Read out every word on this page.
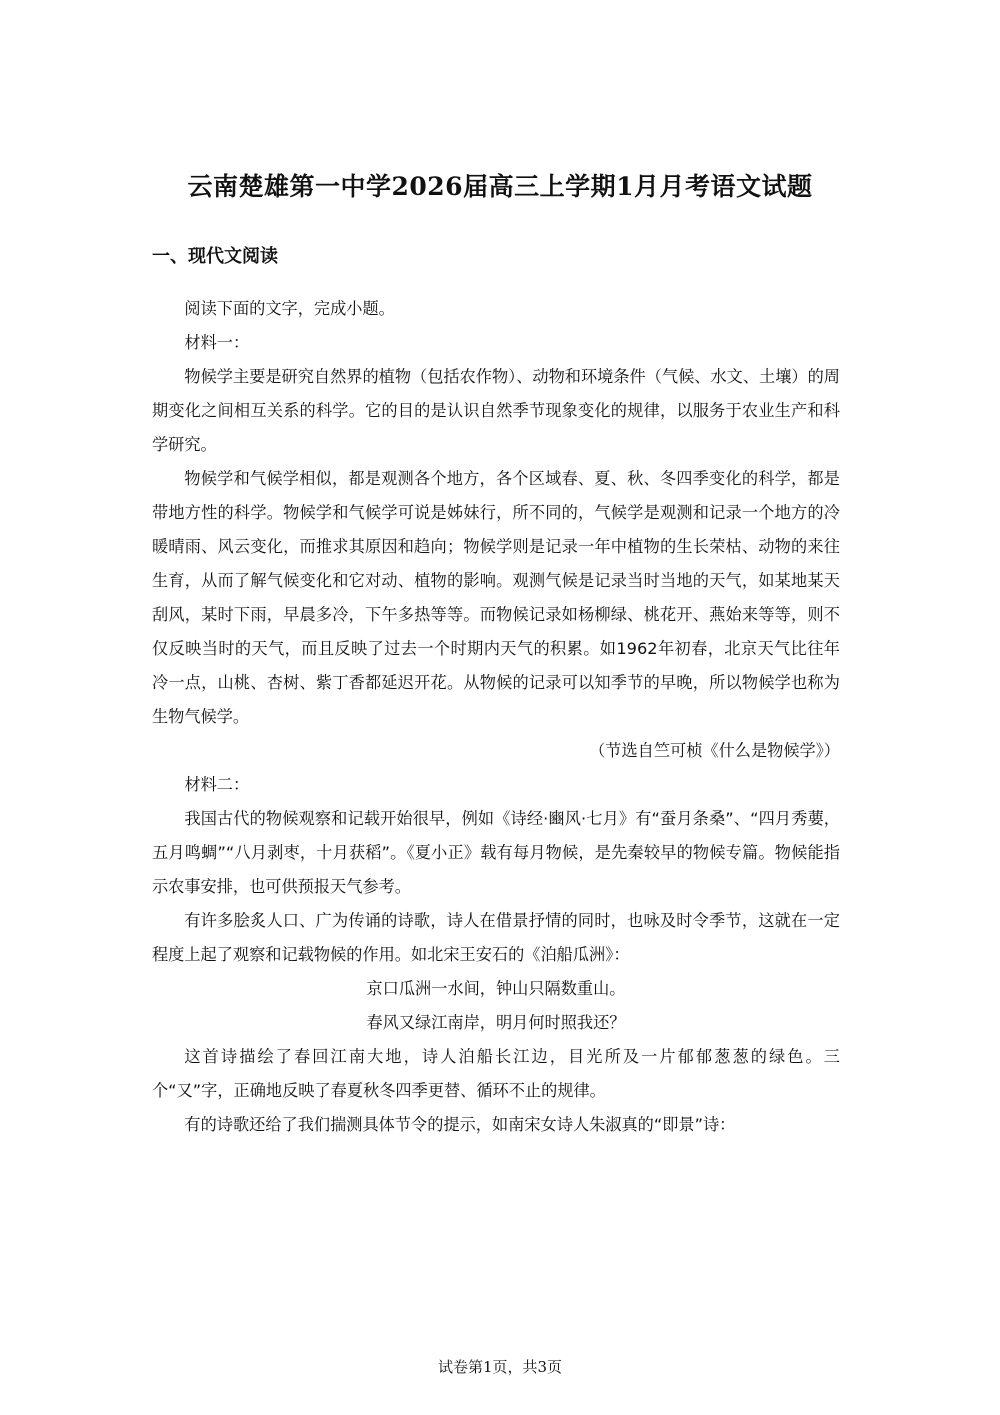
云南楚雄第一中学2026届高三上学期1月月考语文试题
一、现代文阅读

阅读下面的文字，完成小题。

材料一：

物候学主要是研究自然界的植物（包括农作物）、动物和环境条件（气候、水文、土壤）的周期变化之间相互关系的科学。它的目的是认识自然季节现象变化的规律，以服务于农业生产和科学研究。

物候学和气候学相似，都是观测各个地方，各个区域春、夏、秋、冬四季变化的科学，都是带地方性的科学。物候学和气候学可说是姊妹行，所不同的，气候学是观测和记录一个地方的冷暖晴雨、风云变化，而推求其原因和趋向；物候学则是记录一年中植物的生长荣枯、动物的来往生育，从而了解气候变化和它对动、植物的影响。观测气候是记录当时当地的天气，如某地某天刮风，某时下雨，早晨多冷，下午多热等等。而物候记录如杨柳绿、桃花开、燕始来等等，则不仅反映当时的天气，而且反映了过去一个时期内天气的积累。如1962年初春，北京天气比往年冷一点，山桃、杏树、紫丁香都延迟开花。从物候的记录可以知季节的早晚，所以物候学也称为生物气候学。

（节选自竺可桢《什么是物候学》）

材料二：

我国古代的物候观察和记载开始很早，例如《诗经·豳风·七月》有“蚕月条桑”、“四月秀葽，五月鸣蜩”“八月剥枣，十月获稻”。《夏小正》载有每月物候，是先秦较早的物候专篇。物候能指示农事安排，也可供预报天气参考。

有许多脍炙人口、广为传诵的诗歌，诗人在借景抒情的同时，也咏及时令季节，这就在一定程度上起了观察和记载物候的作用。如北宋王安石的《泊船瓜洲》：

京口瓜洲一水间，钟山只隔数重山。

春风又绿江南岸，明月何时照我还？

这首诗描绘了春回江南大地，诗人泊船长江边，目光所及一片郁郁葱葱的绿色。三个“又”字，正确地反映了春夏秋冬四季更替、循环不止的规律。

有的诗歌还给了我们揣测具体节令的提示，如南宋女诗人朱淑真的“即景”诗：

试卷第1页，共3页
